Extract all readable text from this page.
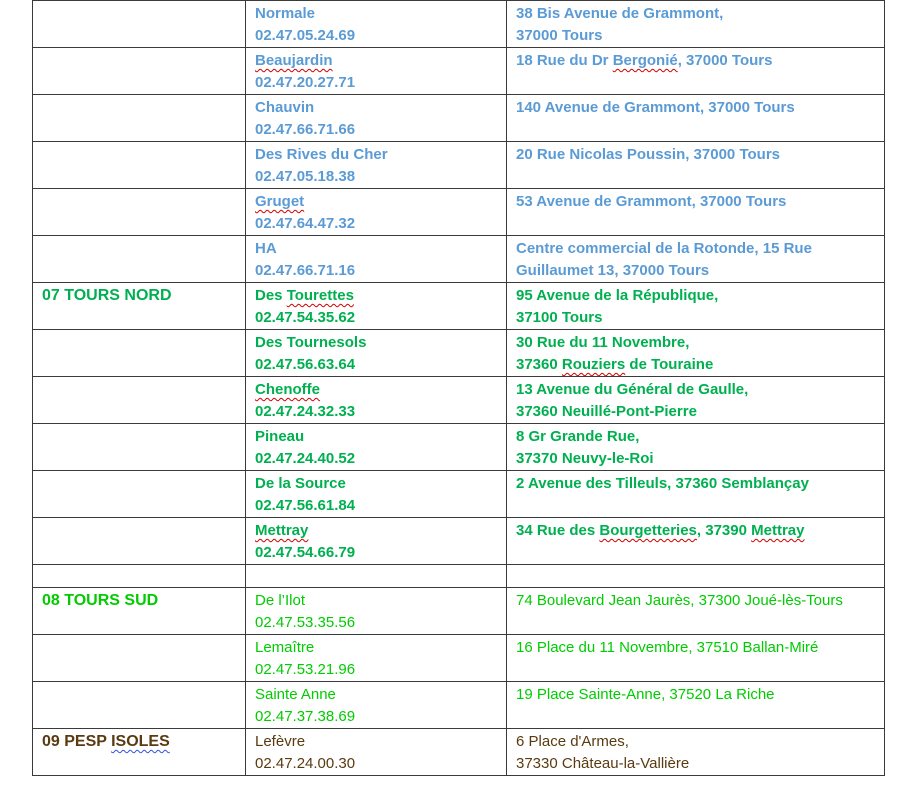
	Normale
02.47.05.24.69	38 Bis Avenue de Grammont,
37000 Tours

	Beaujardin
02.47.20.27.71	18 Rue du Dr Bergonié, 37000 Tours

	Chauvin
02.47.66.71.66	140 Avenue de Grammont, 37000 Tours

	Des Rives du Cher
02.47.05.18.38	20 Rue Nicolas Poussin, 37000 Tours

	Gruget
02.47.64.47.32	53 Avenue de Grammont, 37000 Tours

	HA
02.47.66.71.16	Centre commercial de la Rotonde, 15 Rue Guillaumet 13, 37000 Tours

07 TOURS NORD	Des Tourettes
02.47.54.35.62	95 Avenue de la République,
37100 Tours

	Des Tournesols
02.47.56.63.64	30 Rue du 11 Novembre,
37360 Rouziers de Touraine

	Chenoffe
02.47.24.32.33	13 Avenue du Général de Gaulle,
37360 Neuillé-Pont-Pierre

	Pineau
02.47.24.40.52	8 Gr Grande Rue,
37370 Neuvy-le-Roi

	De la Source
02.47.56.61.84	2 Avenue des Tilleuls, 37360 Semblançay

	Mettray
02.47.54.66.79	34 Rue des Bourgetteries, 37390 Mettray

08 TOURS SUD	De l’Ilot
02.47.53.35.56	74 Boulevard Jean Jaurès, 37300 Joué-lès-Tours

	Lemaître
02.47.53.21.96	16 Place du 11 Novembre, 37510 Ballan-Miré

	Sainte Anne
02.47.37.38.69	19 Place Sainte-Anne, 37520 La Riche

09 PESP ISOLES	Lefèvre
02.47.24.00.30	6 Place d'Armes,
37330 Château-la-Vallière
